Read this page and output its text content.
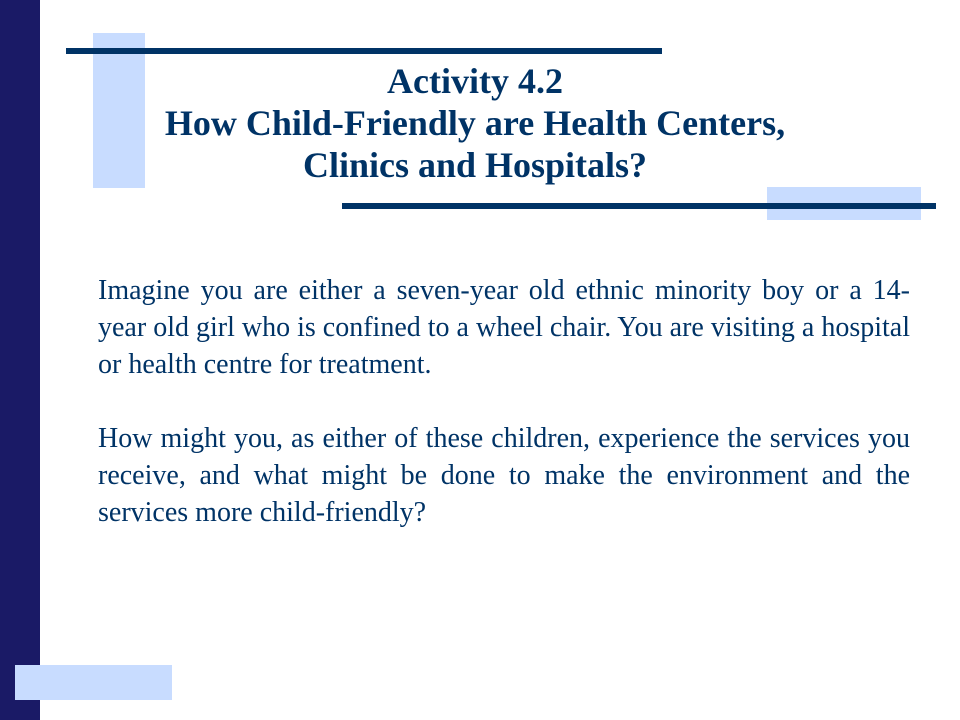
Activity 4.2
How Child-Friendly are Health Centers, Clinics and Hospitals?

Imagine you are either a seven-year old ethnic minority boy or a 14-year old girl who is confined to a wheel chair. You are visiting a hospital or health centre for treatment.

How might you, as either of these children, experience the services you receive, and what might be done to make the environment and the services more child-friendly?
